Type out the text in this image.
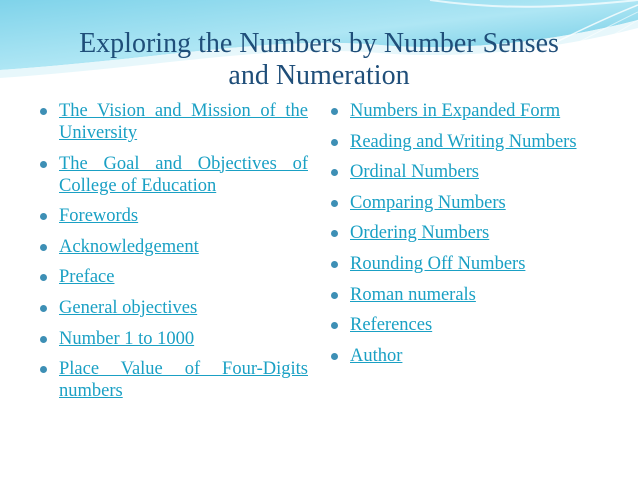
Exploring the Numbers by Number Senses
and Numeration
The Vision and Mission of the University
The Goal and Objectives of College of Education
Forewords
Acknowledgement
Preface
General objectives
Number 1 to 1000
Place Value of Four-Digits numbers
Numbers in Expanded Form
Reading and Writing Numbers
Ordinal Numbers
Comparing Numbers
Ordering Numbers
Rounding Off Numbers
Roman numerals
References
Author
